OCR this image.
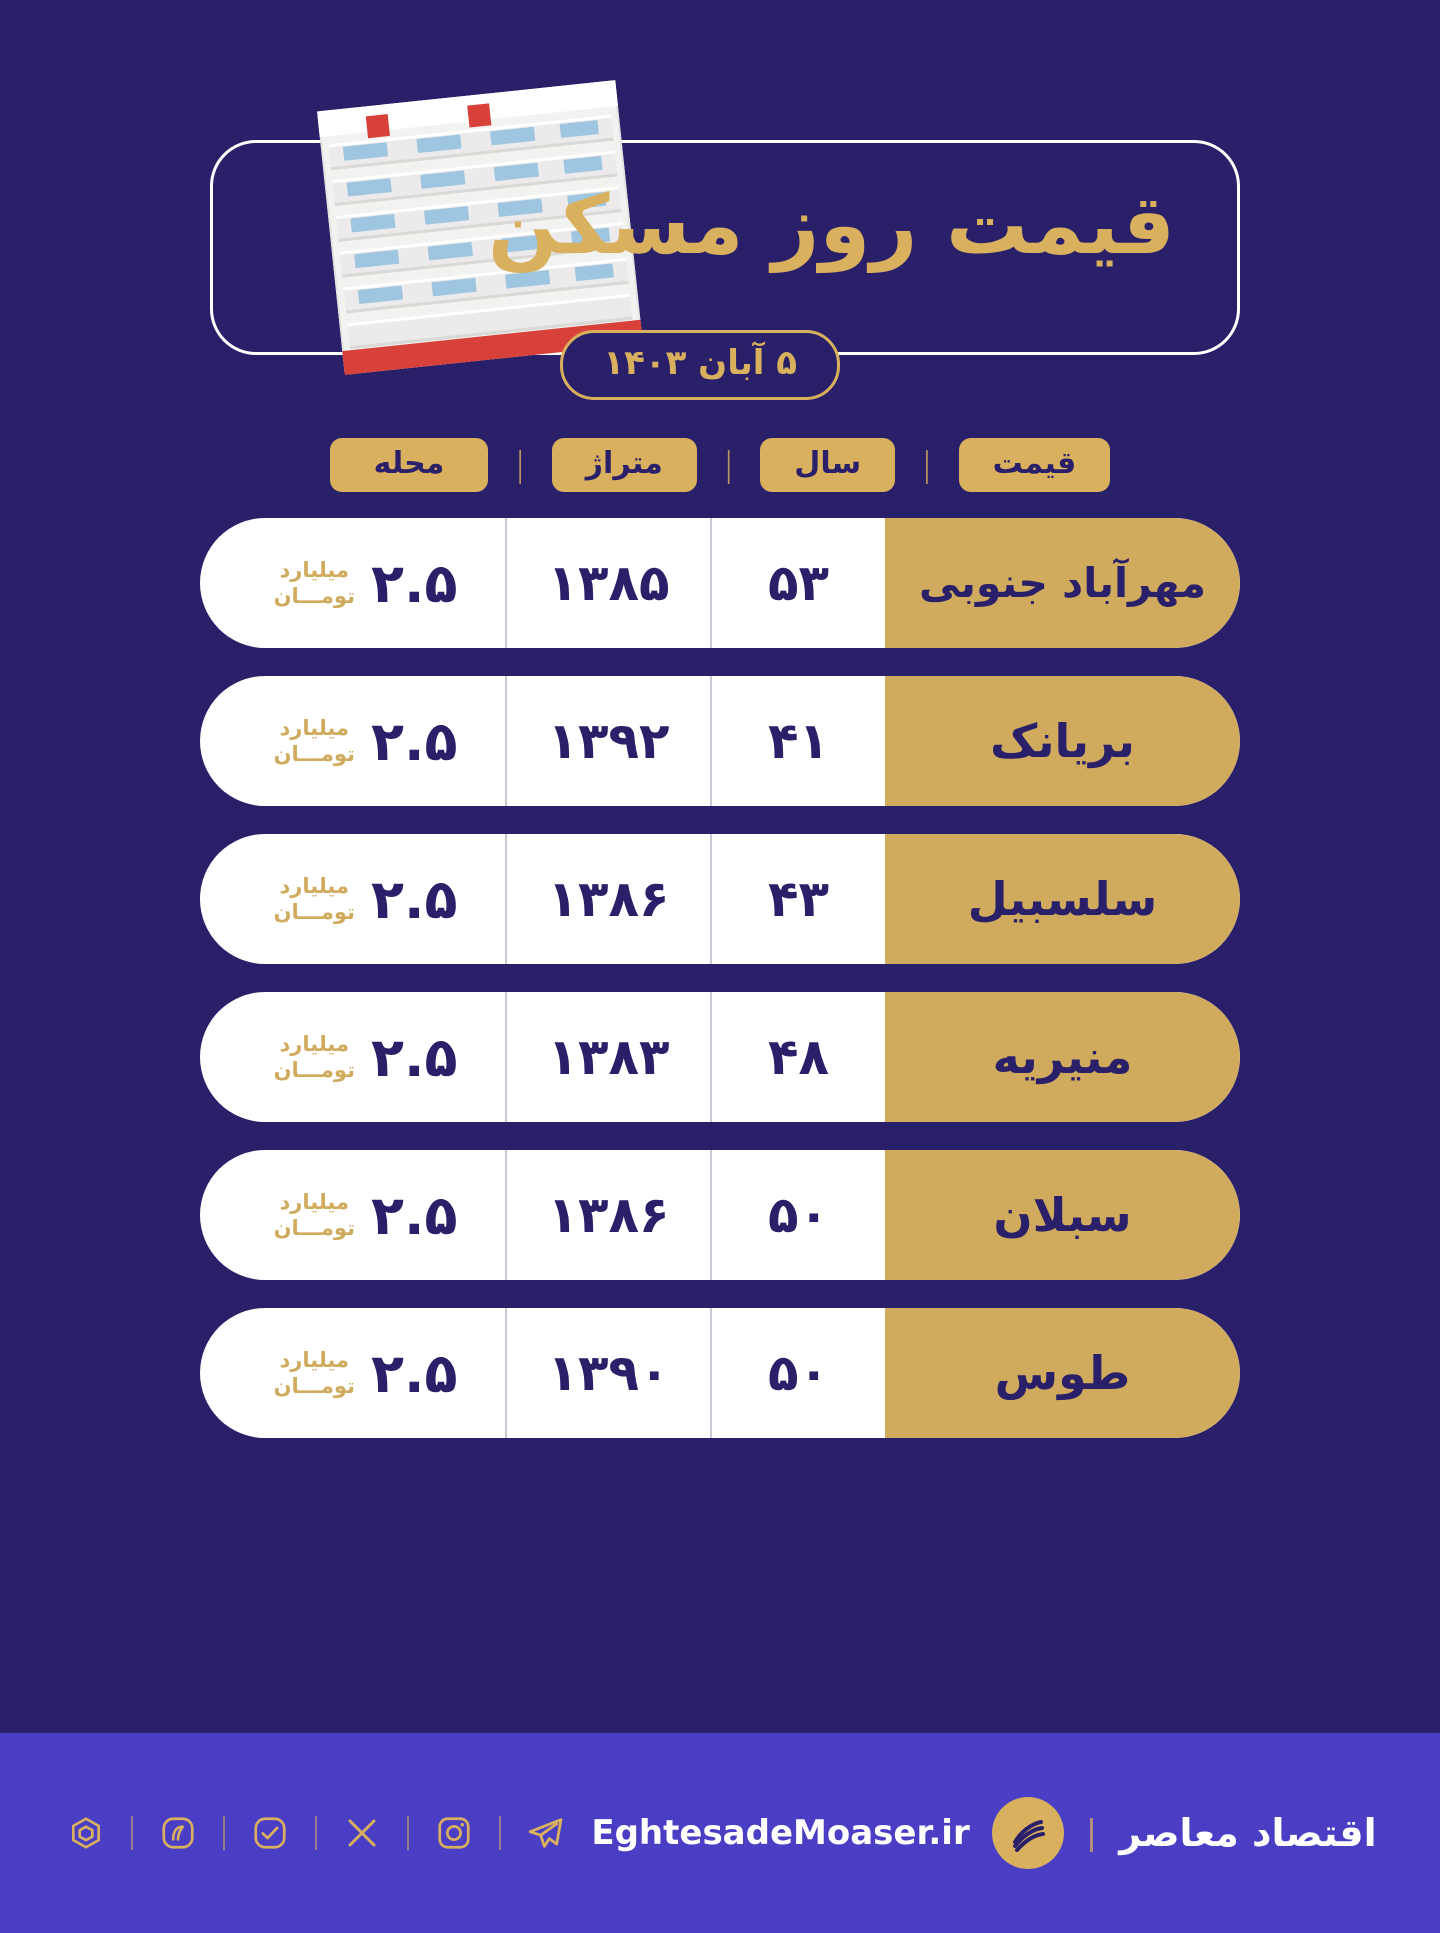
قیمت روز مسکن
۵ آبان ۱۴۰۳
قیمت
|
سال
|
متراژ
|
محله
مهرآباد جنوبی
۵۳
۱۳۸۵
۲.۵
میلیارد
تومـــان
بریانک
۴۱
۱۳۹۲
۲.۵
میلیارد
تومـــان
سلسبیل
۴۳
۱۳۸۶
۲.۵
میلیارد
تومـــان
منیریه
۴۸
۱۳۸۳
۲.۵
میلیارد
تومـــان
سبلان
۵۰
۱۳۸۶
۲.۵
میلیارد
تومـــان
طوس
۵۰
۱۳۹۰
۲.۵
میلیارد
تومـــان
اقتصاد معاصر
|
EghtesadeMoaser.ir
